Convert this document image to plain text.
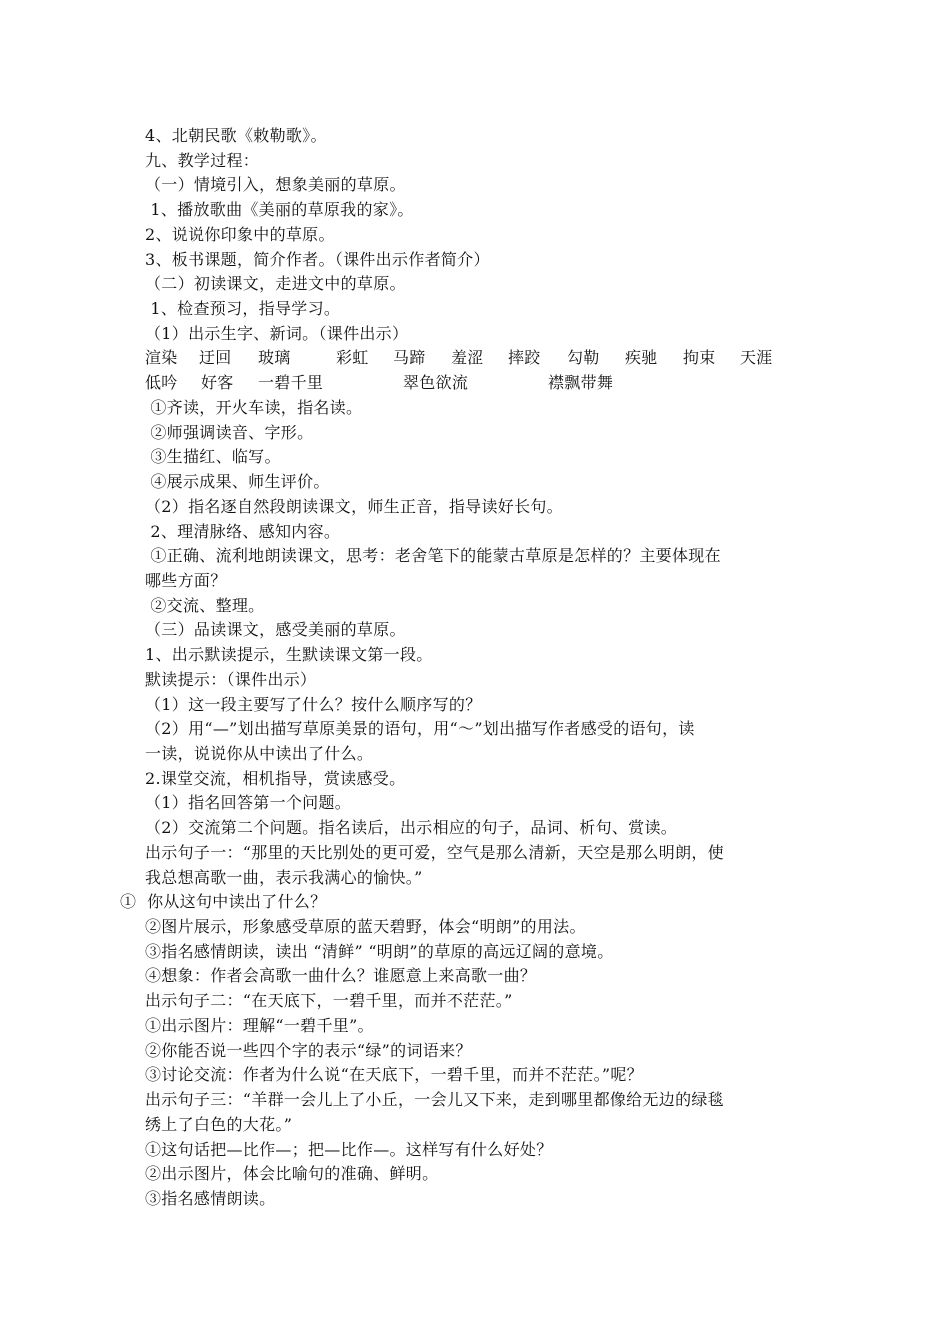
4、北朝民歌《敕勒歌》。
九、教学过程：
（一）情境引入，想象美丽的草原。
1、播放歌曲《美丽的草原我的家》。
2、说说你印象中的草原。
3、板书课题，简介作者。（课件出示作者简介）
（二）初读课文，走进文中的草原。
1、检查预习，指导学习。
（1）出示生字、新词。（课件出示）
渲染 迂回 玻璃	彩虹 马蹄 羞涩 摔跤 勾勒 疾驰 拘束 天涯
低吟 好客 一碧千里	翠色欲流	襟飘带舞
①齐读，开火车读，指名读。
②师强调读音、字形。
③生描红、临写。
④展示成果、师生评价。
（2）指名逐自然段朗读课文，师生正音，指导读好长句。
2、理清脉络、感知内容。
①正确、流利地朗读课文，思考：老舍笔下的能蒙古草原是怎样的？主要体现在
哪些方面？
②交流、整理。
（三）品读课文，感受美丽的草原。
1、出示默读提示，生默读课文第一段。
默读提示：（课件出示）
（1）这一段主要写了什么？按什么顺序写的？
（2）用“—”划出描写草原美景的语句，用“～”划出描写作者感受的语句，读
一读，说说你从中读出了什么。
2.课堂交流，相机指导，赏读感受。
（1）指名回答第一个问题。
（2）交流第二个问题。指名读后，出示相应的句子，品词、析句、赏读。
出示句子一：“那里的天比别处的更可爱，空气是那么清新，天空是那么明朗，使
我总想高歌一曲，表示我满心的愉快。”
①  你从这句中读出了什么？
②图片展示，形象感受草原的蓝天碧野，体会“明朗”的用法。
③指名感情朗读，读出 “清鲜” “明朗”的草原的高远辽阔的意境。
④想象：作者会高歌一曲什么？谁愿意上来高歌一曲？
出示句子二：“在天底下，一碧千里，而并不茫茫。”
①出示图片：理解“一碧千里”。
②你能否说一些四个字的表示“绿”的词语来？
③讨论交流：作者为什么说“在天底下，一碧千里，而并不茫茫。”呢？
出示句子三：“羊群一会儿上了小丘，一会儿又下来，走到哪里都像给无边的绿毯
绣上了白色的大花。”
①这句话把—比作—；把—比作—。这样写有什么好处？
②出示图片，体会比喻句的准确、鲜明。
③指名感情朗读。
